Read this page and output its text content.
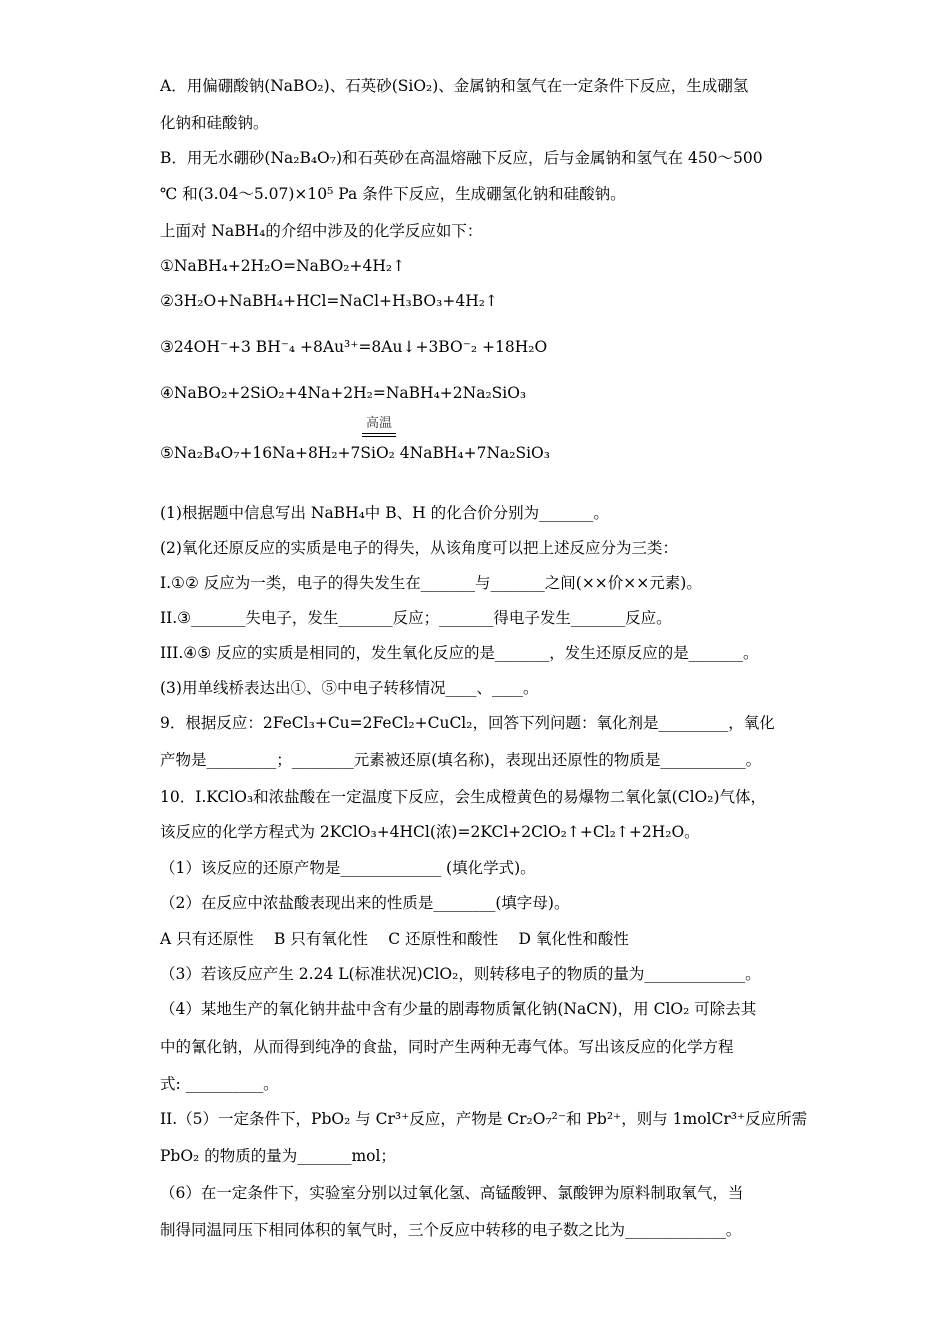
A．用偏硼酸钠(NaBO₂)、石英砂(SiO₂)、金属钠和氢气在一定条件下反应，生成硼氢
化钠和硅酸钠。
B．用无水硼砂(Na₂B₄O₇)和石英砂在高温熔融下反应，后与金属钠和氢气在 450～500
℃ 和(3.04～5.07)×10⁵ Pa 条件下反应，生成硼氢化钠和硅酸钠。
上面对 NaBH₄的介绍中涉及的化学反应如下：
①NaBH₄+2H₂O=NaBO₂+4H₂↑
②3H₂O+NaBH₄+HCl=NaCl+H₃BO₃+4H₂↑
③24OH⁻+3 BH⁻₄ +8Au³⁺=8Au↓+3BO⁻₂ +18H₂O
④NaBO₂+2SiO₂+4Na+2H₂=NaBH₄+2Na₂SiO₃
高温
⑤Na₂B₄O₇+16Na+8H₂+7SiO₂ 4NaBH₄+7Na₂SiO₃
(1)根据题中信息写出 NaBH₄中 B、H 的化合价分别为_______。
(2)氧化还原反应的实质是电子的得失，从该角度可以把上述反应分为三类：
I.①② 反应为一类，电子的得失发生在_______与_______之间(××价××元素)。
II.③_______失电子，发生_______反应；_______得电子发生_______反应。
III.④⑤ 反应的实质是相同的，发生氧化反应的是_______，发生还原反应的是_______。
(3)用单线桥表达出①、⑤中电子转移情况____、____。
9．根据反应：2FeCl₃+Cu=2FeCl₂+CuCl₂，回答下列问题：氧化剂是_________，氧化
产物是_________；________元素被还原(填名称)，表现出还原性的物质是___________。
10．Ⅰ.KClO₃和浓盐酸在一定温度下反应，会生成橙黄色的易爆物二氧化氯(ClO₂)气体，
该反应的化学方程式为 2KClO₃+4HCl(浓)=2KCl+2ClO₂↑+Cl₂↑+2H₂O。
（1）该反应的还原产物是_____________ (填化学式)。
（2）在反应中浓盐酸表现出来的性质是________(填字母)。
A 只有还原性　 B 只有氧化性　 C 还原性和酸性　 D 氧化性和酸性
（3）若该反应产生 2.24 L(标准状况)ClO₂，则转移电子的物质的量为_____________。
（4）某地生产的氧化钠井盐中含有少量的剧毒物质氰化钠(NaCN)，用 ClO₂ 可除去其
中的氰化钠，从而得到纯净的食盐，同时产生两种无毒气体。写出该反应的化学方程
式: __________。
II.（5）一定条件下，PbO₂ 与 Cr³⁺反应，产物是 Cr₂O₇²⁻和 Pb²⁺，则与 1molCr³⁺反应所需
PbO₂ 的物质的量为_______mol；
（6）在一定条件下，实验室分别以过氧化氢、高锰酸钾、氯酸钾为原料制取氧气，当
制得同温同压下相同体积的氧气时，三个反应中转移的电子数之比为_____________。
